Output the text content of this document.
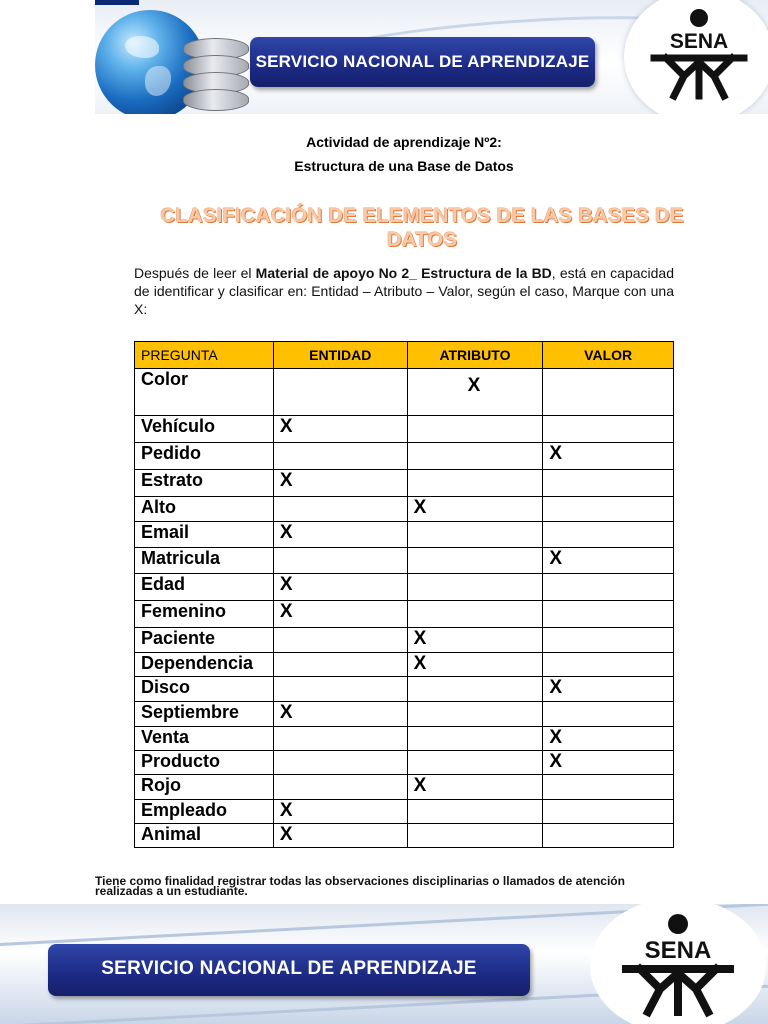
SERVICIO NACIONAL DE APRENDIZAJE
SENA
Actividad de aprendizaje Nº2:
Estructura de una Base de Datos
CLASIFICACIÓN DE ELEMENTOS DE LAS BASES DE DATOS

Después de leer el Material de apoyo No 2_ Estructura de la BD, está en capacidad de identificar y clasificar en: Entidad – Atributo – Valor, según el caso, Marque con una X:

PREGUNTA	ENTIDAD	ATRIBUTO	VALOR
Color		X	
Vehículo	X		
Pedido			X
Estrato	X		
Alto		X	
Email	X		
Matricula			X
Edad	X		
Femenino	X		
Paciente		X	
Dependencia		X	
Disco			X
Septiembre	X		
Venta			X
Producto			X
Rojo		X	
Empleado	X		
Animal	X		
Tiene como finalidad registrar todas las observaciones disciplinarias o llamados de atención
realizadas a un estudiante.
SERVICIO NACIONAL DE APRENDIZAJE
SENA
